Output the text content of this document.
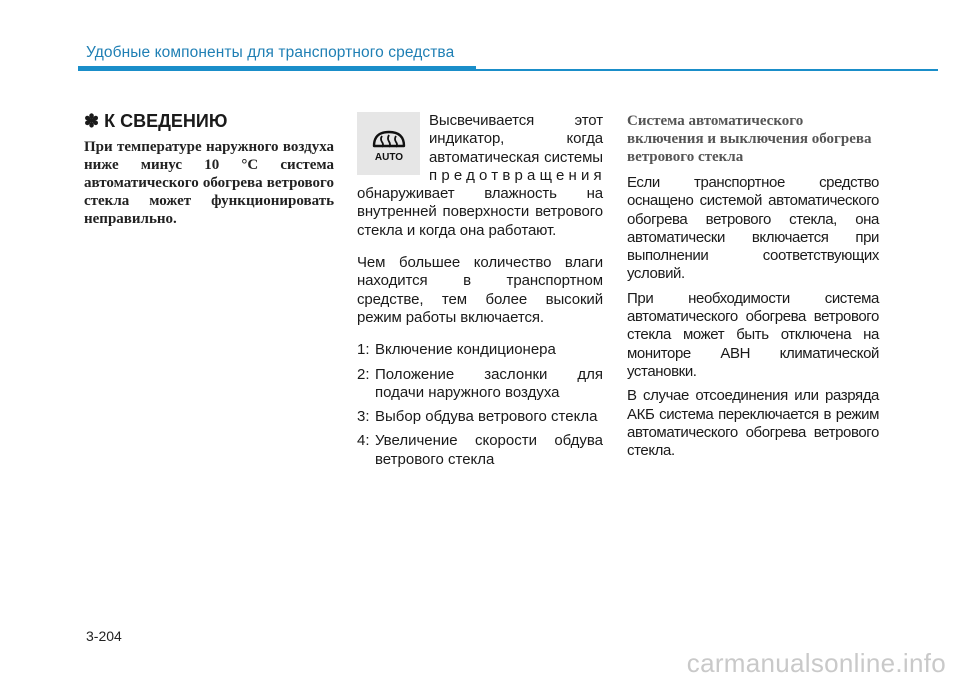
Удобные компоненты для транспортного средства
✽ К СВЕДЕНИЮ

При температуре наружного воздуха ниже минус 10 °С система автоматического обогрева ветрового стекла может функционировать неправильно.

AUTO

Высвечивается этот
индикатор, когда
автоматическая системы
предотвращения
обнаруживает влажность на внутренней поверхности ветрового стекла и когда она работают.

Чем большее количество влаги находится в транспортном средстве, тем более высокий режим работы включается.

1: Включение кондиционера
2: Положение заслонки для подачи наружного воздуха
3: Выбор обдува ветрового стекла
4: Увеличение скорости обдува ветрового стекла
Система автоматического включения и выключения обогрева ветрового стекла

Если транспортное средство оснащено системой автоматического обогрева ветрового стекла, она автоматически включается при выполнении соответствующих условий.

При необходимости система автоматического обогрева ветрового стекла может быть отключена на мониторе АВН климатической установки.

В случае отсоединения или разряда АКБ система переключается в режим автоматического обогрева ветрового стекла.

3-204
carmanualsonline.info
